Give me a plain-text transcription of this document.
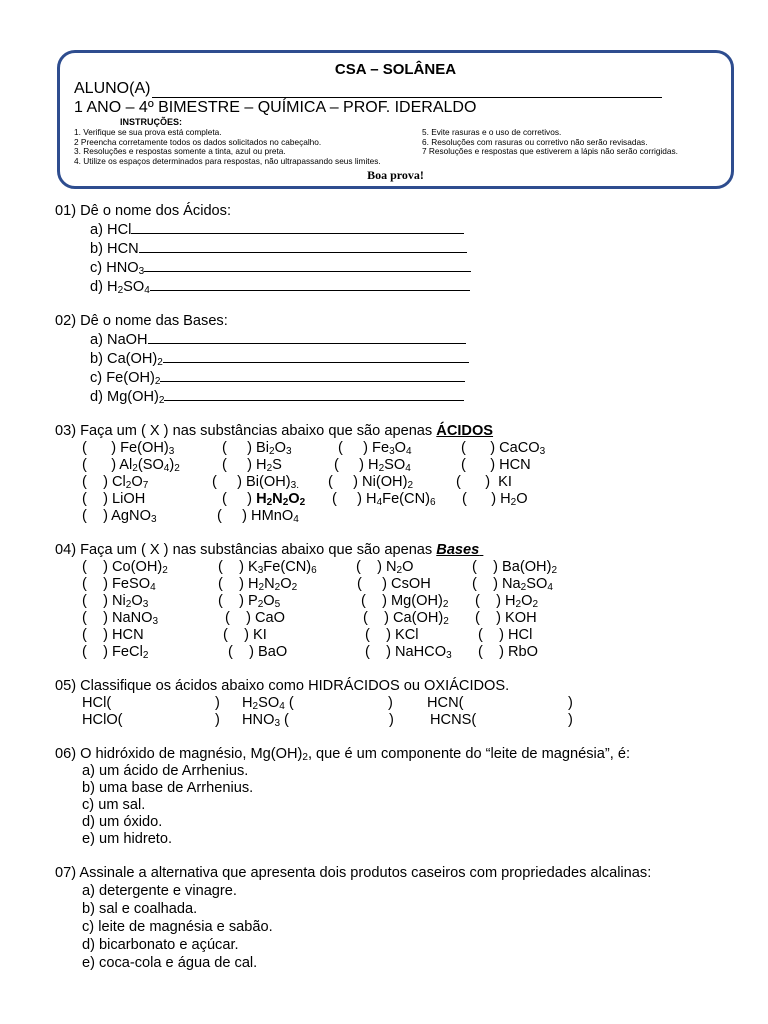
CSA – SOLÂNEA
ALUNO(A)
1 ANO – 4º BIMESTRE – QUÍMICA – PROF. IDERALDO
INSTRUÇÕES:
1. Verifique se sua prova está completa.
2 Preencha corretamente todos os dados solicitados no cabeçalho.
3. Resoluções e respostas somente a tinta, azul ou preta.
4. Utilize os espaços determinados para respostas, não ultrapassando seus limites.
5. Evite rasuras e o uso de corretivos.
6. Resoluções com rasuras ou corretivo não serão revisadas.
7 Resoluções e respostas que estiverem a lápis não serão corrigidas.
Boa prova!
01) Dê o nome dos Ácidos:
a) HCl
b) HCN
c) $HNO_3$
d) $H_2SO_4$
02) Dê o nome das Bases:
a) NaOH
b) $Ca(OH)_2$
c) $Fe(OH)_2$
d) $Mg(OH)_2$
03) Faça um ( X ) nas substâncias abaixo que são apenas ÁCIDOS
(      ) $Fe(OH)_3$	(     ) $Bi_2O_3$	(     ) $Fe_3O_4$	(      ) CaCO$_3$
(      ) $Al_2(SO_4)_2$	(     ) $H_2S$	(     ) $H_2SO_4$	(      ) HCN
(    ) $Cl_2O_7$	(     ) $Bi(OH)_{3.}$ (     ) $Ni(OH)_2$	(      )  KI
(    ) LiOH	(     ) $H_2N_2O_2$ (     ) $H_4Fe(CN)_6$ (      ) $H_2O$
(    ) AgNO$_3$	(     ) HMnO$_4$
04) Faça um ( X ) nas substâncias abaixo que são apenas Bases
(    ) $Co(OH)_2$	(    ) $K_3Fe(CN)_6$	(    ) $N_2O$	(    ) $Ba(OH)_2$
(    ) FeSO$_4$	(    ) $H_2N_2O_2$	(     ) CsOH	(    ) $Na_2SO_4$
(    ) $Ni_2O_3$	(    ) $P_2O_5$	(    ) $Mg(OH)_2$ (    ) $H_2O_2$
(    ) NaNO$_3$	(    ) CaO	(    ) $Ca(OH)_2$ (    ) KOH
(    ) HCN	(    ) KI	(    ) KCl	(    ) HCl
(    ) FeCl$_2$	(    ) BaO	(    ) NaHCO$_3$ (    ) RbO
05) Classifique os ácidos abaixo como HIDRÁCIDOS ou OXIÁCIDOS.
HCl(	) $H_2SO_4$ (	) HCN(	)
HClO(	) $HNO_3$ (	) HCNS(	)
06) O hidróxido de magnésio, $Mg(OH)_2$, que é um componente do “leite de magnésia”, é:
a) um ácido de Arrhenius.
b) uma base de Arrhenius.
c) um sal.
d) um óxido.
e) um hidreto.
07) Assinale a alternativa que apresenta dois produtos caseiros com propriedades alcalinas:
a) detergente e vinagre.
b) sal e coalhada.
c) leite de magnésia e sabão.
d) bicarbonato e açúcar.
e) coca-cola e água de cal.
